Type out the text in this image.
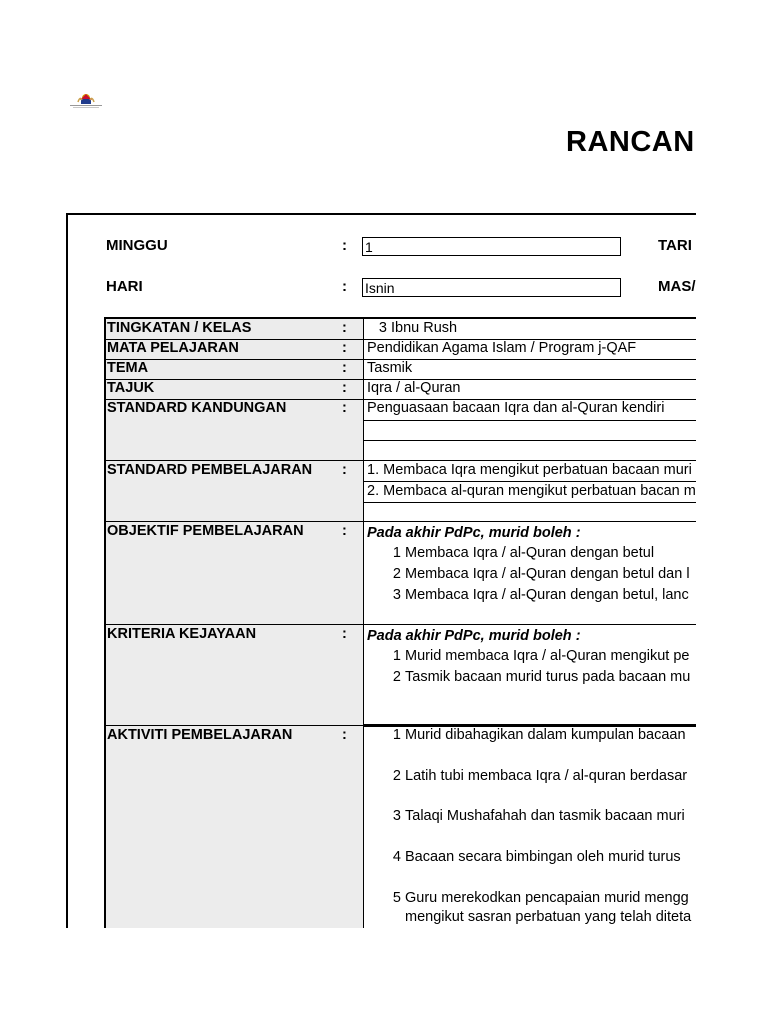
RANCAN
MINGGU	: 1	TARI
HARI	: Isnin	MAS/
TINGKATAN / KELAS	:	3 Ibnu Rush
MATA PELAJARAN	: Pendidikan Agama Islam / Program j-QAF
TEMA	: Tasmik
TAJUK	: Iqra / al-Quran
STANDARD KANDUNGAN	: Penguasaan bacaan Iqra dan al-Quran kendiri
STANDARD PEMBELAJARAN : 1. Membaca Iqra mengikut perbatuan bacaan muri
2. Membaca al-quran mengikut perbatuan bacan m
OBJEKTIF PEMBELAJARAN	: Pada akhir PdPc, murid boleh :
1 Membaca Iqra / al-Quran dengan betul
2 Membaca Iqra / al-Quran dengan betul dan l
3 Membaca Iqra / al-Quran dengan betul, lanc
KRITERIA KEJAYAAN	: Pada akhir PdPc, murid boleh :
1 Murid membaca Iqra / al-Quran mengikut pe
2 Tasmik bacaan murid turus pada bacaan mu
AKTIVITI PEMBELAJARAN	:	1 Murid dibahagikan dalam kumpulan bacaan
2 Latih tubi membaca Iqra / al-quran berdasar
3 Talaqi Mushafahah dan tasmik bacaan muri
4 Bacaan secara bimbingan oleh murid turus
5 Guru merekodkan pencapaian murid mengg
mengikut sasran perbatuan yang telah diteta
